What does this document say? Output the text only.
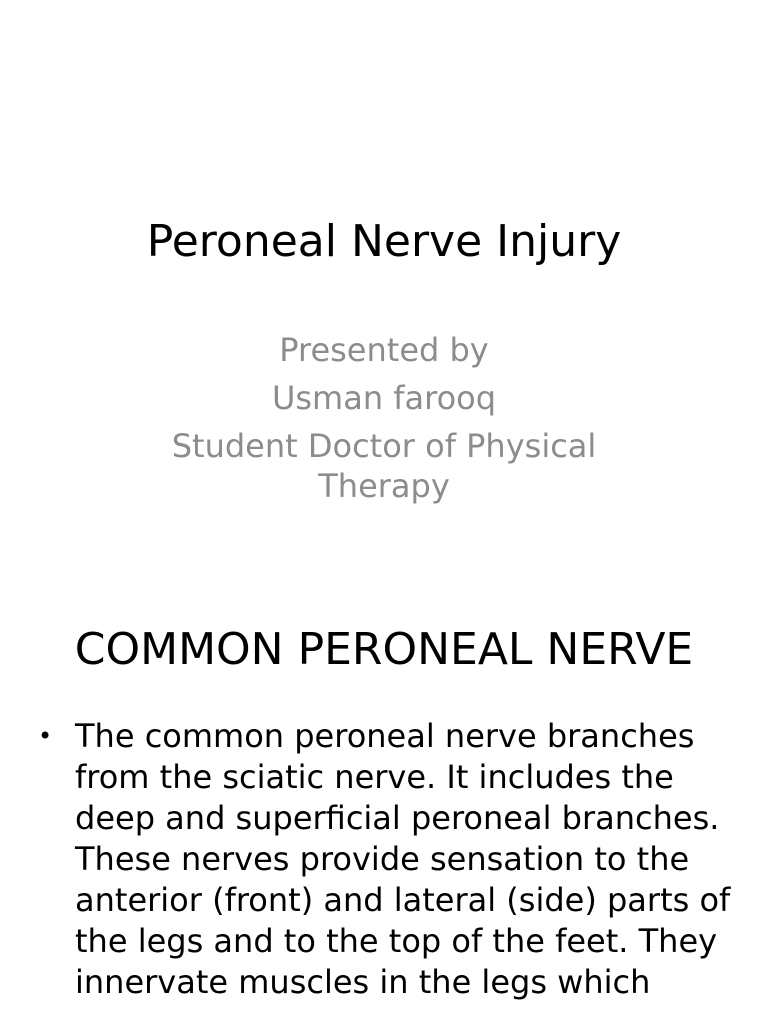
Peroneal Nerve Injury
Presented by
Usman farooq
Student Doctor of Physical Therapy
COMMON PERONEAL NERVE
• The common peroneal nerve branches from the sciatic nerve. It includes the deep and superficial peroneal branches. These nerves provide sensation to the anterior (front) and lateral (side) parts of the legs and to the top of the feet. They innervate muscles in the legs which
